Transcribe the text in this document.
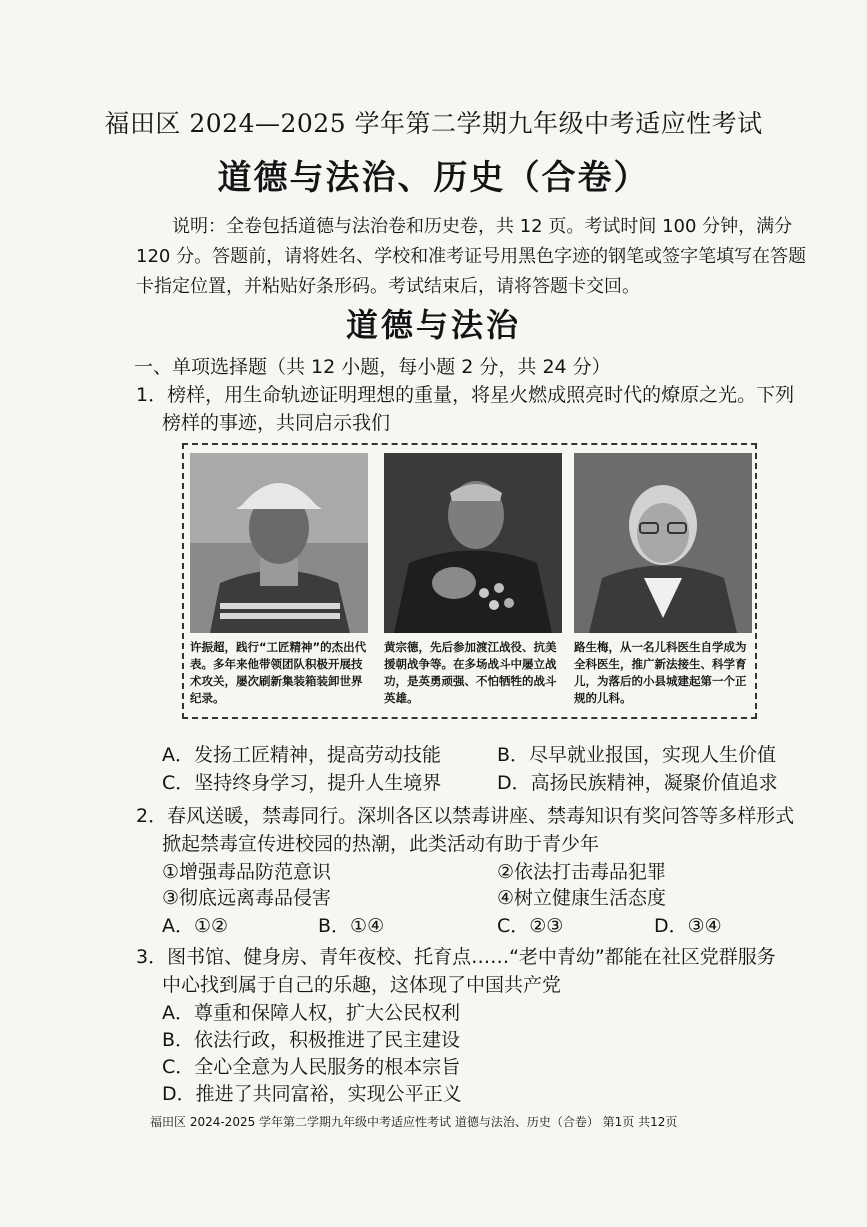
福田区 2024—2025 学年第二学期九年级中考适应性考试
道德与法治、历史（合卷）
说明：全卷包括道德与法治卷和历史卷，共 12 页。考试时间 100 分钟，满分 120 分。答题前，请将姓名、学校和准考证号用黑色字迹的钢笔或签字笔填写在答题卡指定位置，并粘贴好条形码。考试结束后，请将答题卡交回。
道德与法治
一、单项选择题（共 12 小题，每小题 2 分，共 24 分）
1．榜样，用生命轨迹证明理想的重量，将星火燃成照亮时代的燎原之光。下列
榜样的事迹，共同启示我们
许振超，践行“工匠精神”的杰出代表。多年来他带领团队积极开展技术攻关，屡次刷新集装箱装卸世界纪录。
黄宗德，先后参加渡江战役、抗美援朝战争等。在多场战斗中屡立战功，是英勇顽强、不怕牺牲的战斗英雄。
路生梅，从一名儿科医生自学成为全科医生，推广新法接生、科学育儿，为落后的小县城建起第一个正规的儿科。
A．发扬工匠精神，提高劳动技能	B．尽早就业报国，实现人生价值
C．坚持终身学习，提升人生境界	D．高扬民族精神，凝聚价值追求
2．春风送暖，禁毒同行。深圳各区以禁毒讲座、禁毒知识有奖问答等多样形式
掀起禁毒宣传进校园的热潮，此类活动有助于青少年
①增强毒品防范意识	②依法打击毒品犯罪
③彻底远离毒品侵害	④树立健康生活态度
A．①②	B．①④	C．②③	D．③④
3．图书馆、健身房、青年夜校、托育点……“老中青幼”都能在社区党群服务
中心找到属于自己的乐趣，这体现了中国共产党
A．尊重和保障人权，扩大公民权利
B．依法行政，积极推进了民主建设
C．全心全意为人民服务的根本宗旨
D．推进了共同富裕，实现公平正义
福田区 2024-2025 学年第二学期九年级中考适应性考试 道德与法治、历史（合卷） 第1页 共12页
